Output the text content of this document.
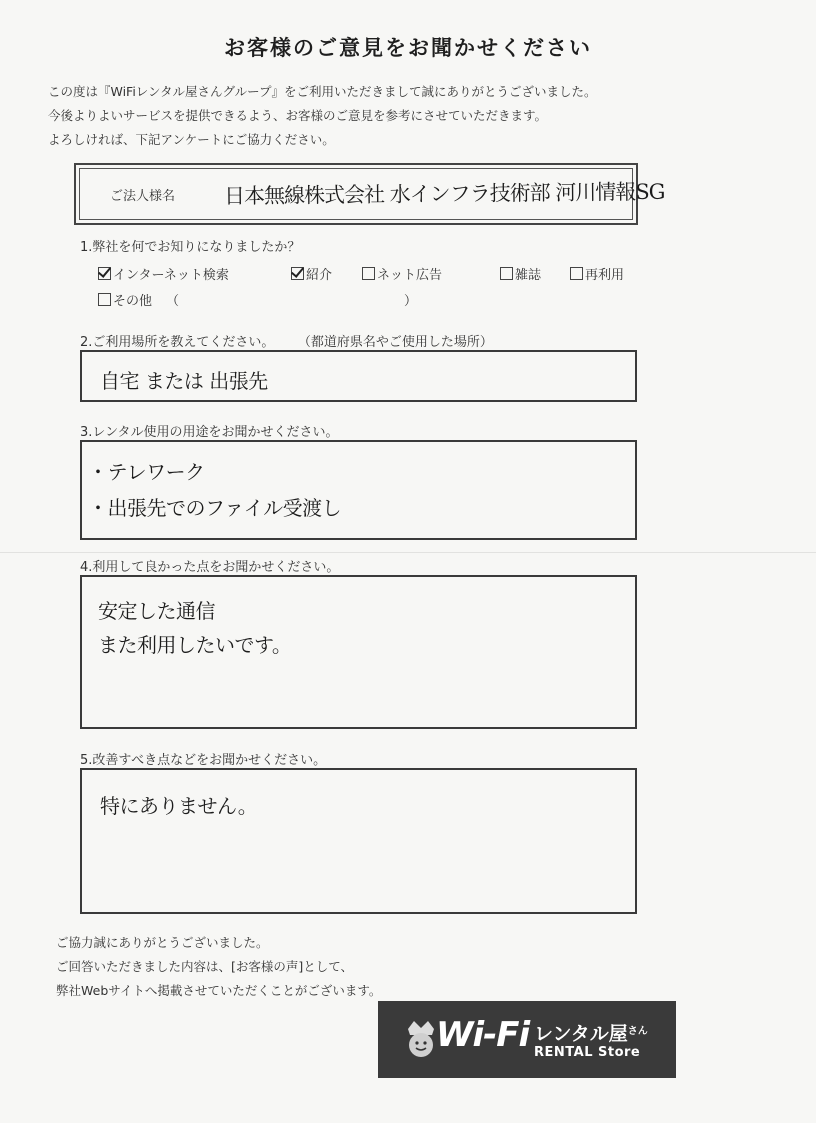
お客様のご意見をお聞かせください
この度は『WiFiレンタル屋さんグループ』をご利用いただきまして誠にありがとうございました。
今後よりよいサービスを提供できるよう、お客様のご意見を参考にさせていただきます。
よろしければ、下記アンケートにご協力ください。
ご法人様名 日本無線株式会社 水インフラ技術部 河川情報SG
1.弊社を何でお知りになりましたか？
インターネット検索	紹介	ネット広告	雑誌	再利用
その他 （	）
2.ご利用場所を教えてください。 （都道府県名やご使用した場所）
自宅 または 出張先
3.レンタル使用の用途をお聞かせください。
・テレワーク
・出張先でのファイル受渡し
4.利用して良かった点をお聞かせください。
安定した通信
また利用したいです。
5.改善すべき点などをお聞かせください。
特にありません。
ご協力誠にありがとうございました。
ご回答いただきました内容は、[お客様の声]として、
弊社Webサイトへ掲載させていただくことがございます。
Wi-Fi レンタル屋$^{さん}$
RENTAL Store
